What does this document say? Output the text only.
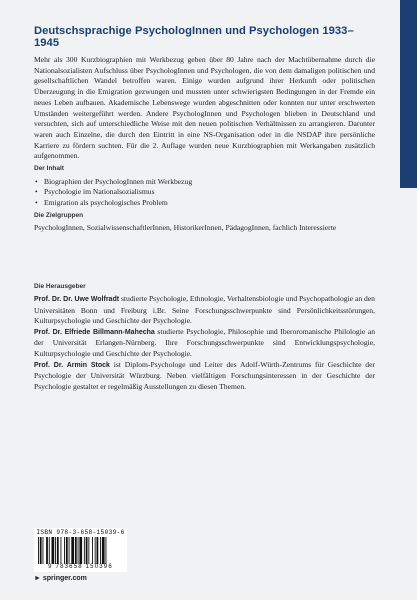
Deutschsprachige PsychologInnen und Psychologen 1933–1945
Mehr als 300 Kurzbiographien mit Werkbezug geben über 80 Jahre nach der Machtübernahme durch die Nationalsozialisten Aufschluss über PsychologInnen und Psychologen, die von dem damaligen politischen und gesellschaftlichen Wandel betroffen waren. Einige wurden aufgrund ihrer Herkunft oder politischen Überzeugung in die Emigration gezwungen und mussten unter schwierigsten Bedingungen in der Fremde ein neues Leben aufbauen. Akademische Lebenswege wurden abgeschnitten oder konnten nur unter erschwerten Umständen weitergeführt werden. Andere PsychologInnen und Psychologen blieben in Deutschland und versuchten, sich auf unterschiedliche Weise mit den neuen politischen Verhältnissen zu arrangieren. Darunter waren auch Einzelne, die durch den Eintritt in eine NS-Organisation oder in die NSDAP ihre persönliche Karriere zu fördern suchten. Für die 2. Auflage wurden neue Kurzbiographien mit Werkangaben zusätzlich aufgenommen.
Der Inhalt
• Biographien der PsychologInnen mit Werkbezug
• Psychologie im Nationalsozialismus
• Emigration als psychologisches Problem
Die Zielgruppen
PsychologInnen, SozialwissenschaftlerInnen, HistorikerInnen, PädagogInnen, fachlich Interessierte
Die Herausgeber

Prof. Dr. Dr. Uwe Wolfradt studierte Psychologie, Ethnologie, Verhaltensbiologie und Psychopathologie an den Universitäten Bonn und Freiburg i.Br. Seine Forschungsschwerpunkte sind Persönlichkeitsstörungen, Kulturpsychologie und Geschichte der Psychologie.

Prof. Dr. Elfriede Billmann-Mahecha studierte Psychologie, Philosophie und Iberoromanische Philologie an der Universität Erlangen-Nürnberg. Ihre Forschungsschwerpunkte sind Entwicklungspsychologie, Kulturpsychologie und Geschichte der Psychologie.

Prof. Dr. Armin Stock ist Diplom-Psychologe und Leiter des Adolf-Würth-Zentrums für Geschichte der Psychologie der Universität Würzburg. Neben vielfältigen Forschungsinteressen in der Geschichte der Psychologie gestaltet er regelmäßig Ausstellungen zu diesen Themen.

ISBN 978-3-658-15039-6
9 783658 150396
► springer.com
